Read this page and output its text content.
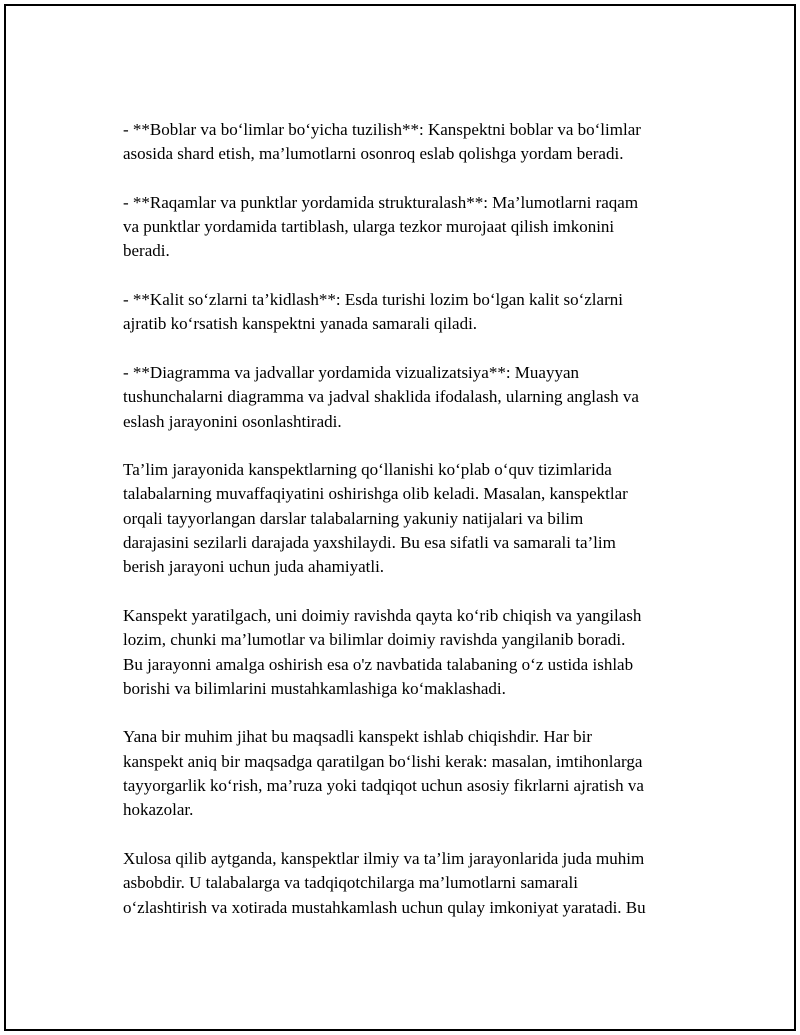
- **Boblar va bo‘limlar bo‘yicha tuzilish**: Kanspektni boblar va bo‘limlar
asosida shard etish, ma’lumotlarni osonroq eslab qolishga yordam beradi.
- **Raqamlar va punktlar yordamida strukturalash**: Ma’lumotlarni raqam
va punktlar yordamida tartiblash, ularga tezkor murojaat qilish imkonini
beradi.
- **Kalit so‘zlarni ta’kidlash**: Esda turishi lozim bo‘lgan kalit so‘zlarni
ajratib ko‘rsatish kanspektni yanada samarali qiladi.
- **Diagramma va jadvallar yordamida vizualizatsiya**: Muayyan
tushunchalarni diagramma va jadval shaklida ifodalash, ularning anglash va
eslash jarayonini osonlashtiradi.
Ta’lim jarayonida kanspektlarning qo‘llanishi ko‘plab o‘quv tizimlarida
talabalarning muvaffaqiyatini oshirishga olib keladi. Masalan, kanspektlar
orqali tayyorlangan darslar talabalarning yakuniy natijalari va bilim
darajasini sezilarli darajada yaxshilaydi. Bu esa sifatli va samarali ta’lim
berish jarayoni uchun juda ahamiyatli.
Kanspekt yaratilgach, uni doimiy ravishda qayta ko‘rib chiqish va yangilash
lozim, chunki ma’lumotlar va bilimlar doimiy ravishda yangilanib boradi.
Bu jarayonni amalga oshirish esa o'z navbatida talabaning o‘z ustida ishlab
borishi va bilimlarini mustahkamlashiga ko‘maklashadi.
Yana bir muhim jihat bu maqsadli kanspekt ishlab chiqishdir. Har bir
kanspekt aniq bir maqsadga qaratilgan bo‘lishi kerak: masalan, imtihonlarga
tayyorgarlik ko‘rish, ma’ruza yoki tadqiqot uchun asosiy fikrlarni ajratish va
hokazolar.
Xulosa qilib aytganda, kanspektlar ilmiy va ta’lim jarayonlarida juda muhim
asbobdir. U talabalarga va tadqiqotchilarga ma’lumotlarni samarali
o‘zlashtirish va xotirada mustahkamlash uchun qulay imkoniyat yaratadi. Bu
